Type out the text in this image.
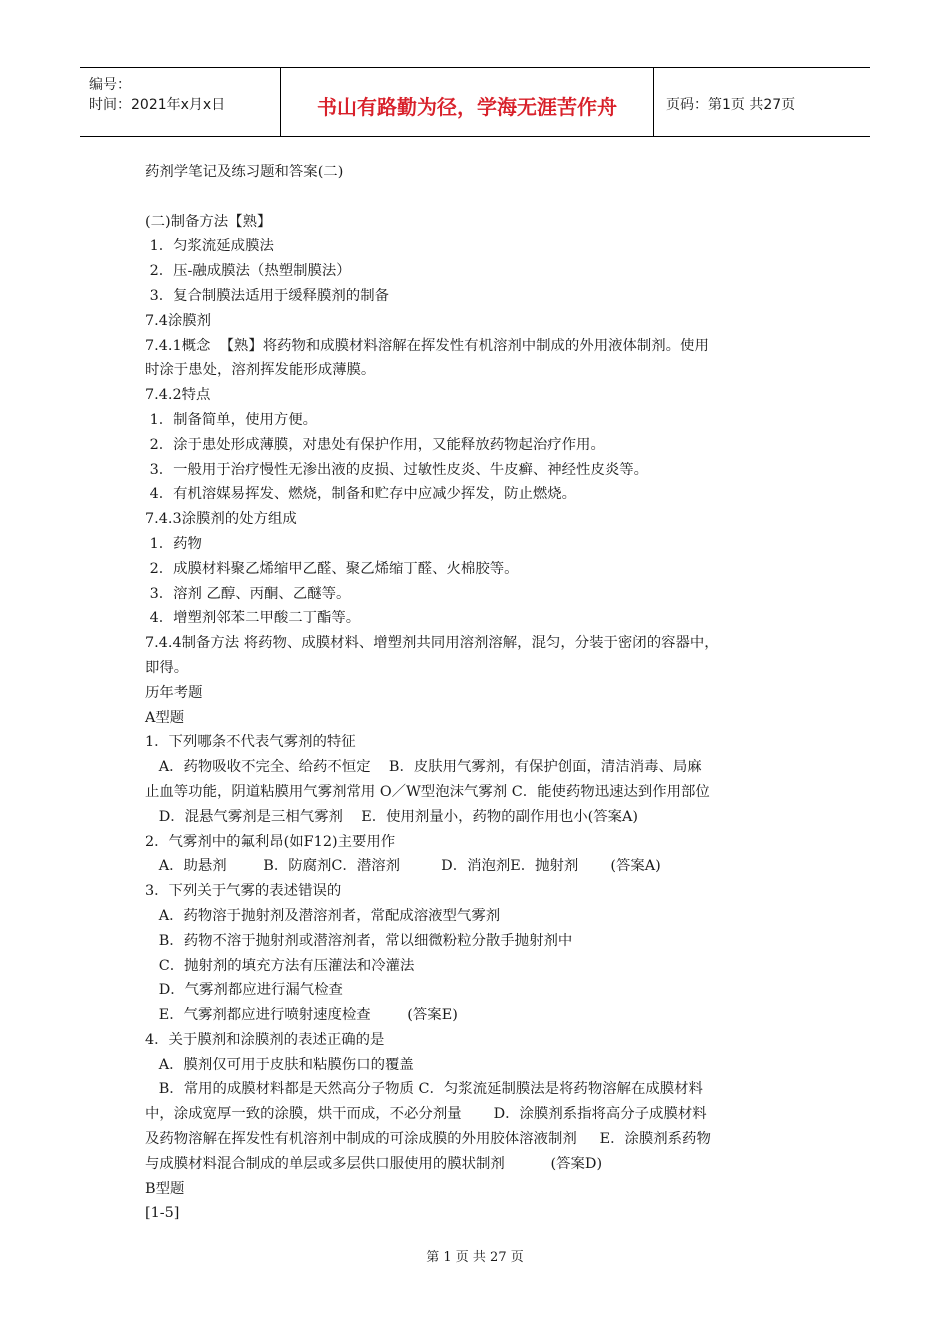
编号：
时间：2021年x月x日	书山有路勤为径，学海无涯苦作舟	页码：第1页 共27页
药剂学笔记及练习题和答案(二)
(二)制备方法【熟】
1．匀浆流延成膜法
2．压-融成膜法（热塑制膜法）
3．复合制膜法适用于缓释膜剂的制备
7.4涂膜剂
7.4.1概念  【熟】将药物和成膜材料溶解在挥发性有机溶剂中制成的外用液体制剂。使用
时涂于患处，溶剂挥发能形成薄膜。
7.4.2特点
1．制备简单，使用方便。
2．涂于患处形成薄膜，对患处有保护作用，又能释放药物起治疗作用。
3．一般用于治疗慢性无渗出液的皮损、过敏性皮炎、牛皮癣、神经性皮炎等。
4．有机溶媒易挥发、燃烧，制备和贮存中应减少挥发，防止燃烧。
7.4.3涂膜剂的处方组成
1．药物
2．成膜材料聚乙烯缩甲乙醛、聚乙烯缩丁醛、火棉胶等。
3．溶剂 乙醇、丙酮、乙醚等。
4．增塑剂邻苯二甲酸二丁酯等。
7.4.4制备方法 将药物、成膜材料、增塑剂共同用溶剂溶解，混匀，分装于密闭的容器中，
即得。
历年考题
A型题
1．下列哪条不代表气雾剂的特征
A．药物吸收不完全、给药不恒定    B．皮肤用气雾剂，有保护创面，清洁消毒、局麻
止血等功能，阴道粘膜用气雾剂常用 O／W型泡沫气雾剂 C．能使药物迅速达到作用部位
D．混悬气雾剂是三相气雾剂    E．使用剂量小，药物的副作用也小(答案A)
2．气雾剂中的氟利昂(如F12)主要用作
A．助悬剂        B．防腐剂C．潜溶剂         D．消泡剂E．抛射剂       (答案A)
3．下列关于气雾的表述错误的
A．药物溶于抛射剂及潜溶剂者，常配成溶液型气雾剂
B．药物不溶于抛射剂或潜溶剂者，常以细微粉粒分散手抛射剂中
C．抛射剂的填充方法有压灌法和冷灌法
D．气雾剂都应进行漏气检查
E．气雾剂都应进行喷射速度检查        (答案E)
4．关于膜剂和涂膜剂的表述正确的是
A．膜剂仅可用于皮肤和粘膜伤口的覆盖
B．常用的成膜材料都是天然高分子物质 C．匀浆流延制膜法是将药物溶解在成膜材料
中，涂成宽厚一致的涂膜，烘干而成，不必分剂量       D．涂膜剂系指将高分子成膜材料
及药物溶解在挥发性有机溶剂中制成的可涂成膜的外用胶体溶液制剂     E．涂膜剂系药物
与成膜材料混合制成的单层或多层供口服使用的膜状制剂          (答案D)
B型题
[1-5]
第 1 页 共 27 页
